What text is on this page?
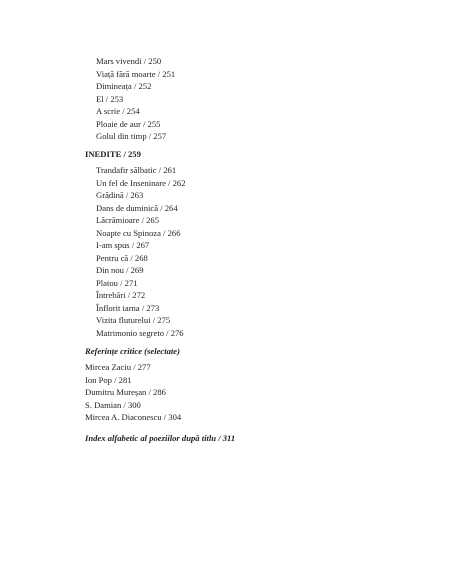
Mars vivendi / 250
Viață fără moarte / 251
Dimineața / 252
El / 253
A scrie / 254
Ploaie de aur / 255
Golul din timp / 257
INEDITE / 259
Trandafir sălbatic / 261
Un fel de Inseninare / 262
Grădină / 263
Dans de duminică / 264
Lăcrămioare / 265
Noapte cu Spinoza / 266
I-am spus / 267
Pentru că / 268
Din nou / 269
Platou / 271
Întrebări / 272
Înflorit iarna / 273
Vizita fluturelui / 275
Matrimonio segreto / 276
Referințe critice (selectate)
Mircea Zaciu / 277
Ion Pop / 281
Dumitru Mureșan / 286
S. Damian / 300
Mircea A. Diaconescu / 304
Index alfabetic al poeziilor după titlu / 311
